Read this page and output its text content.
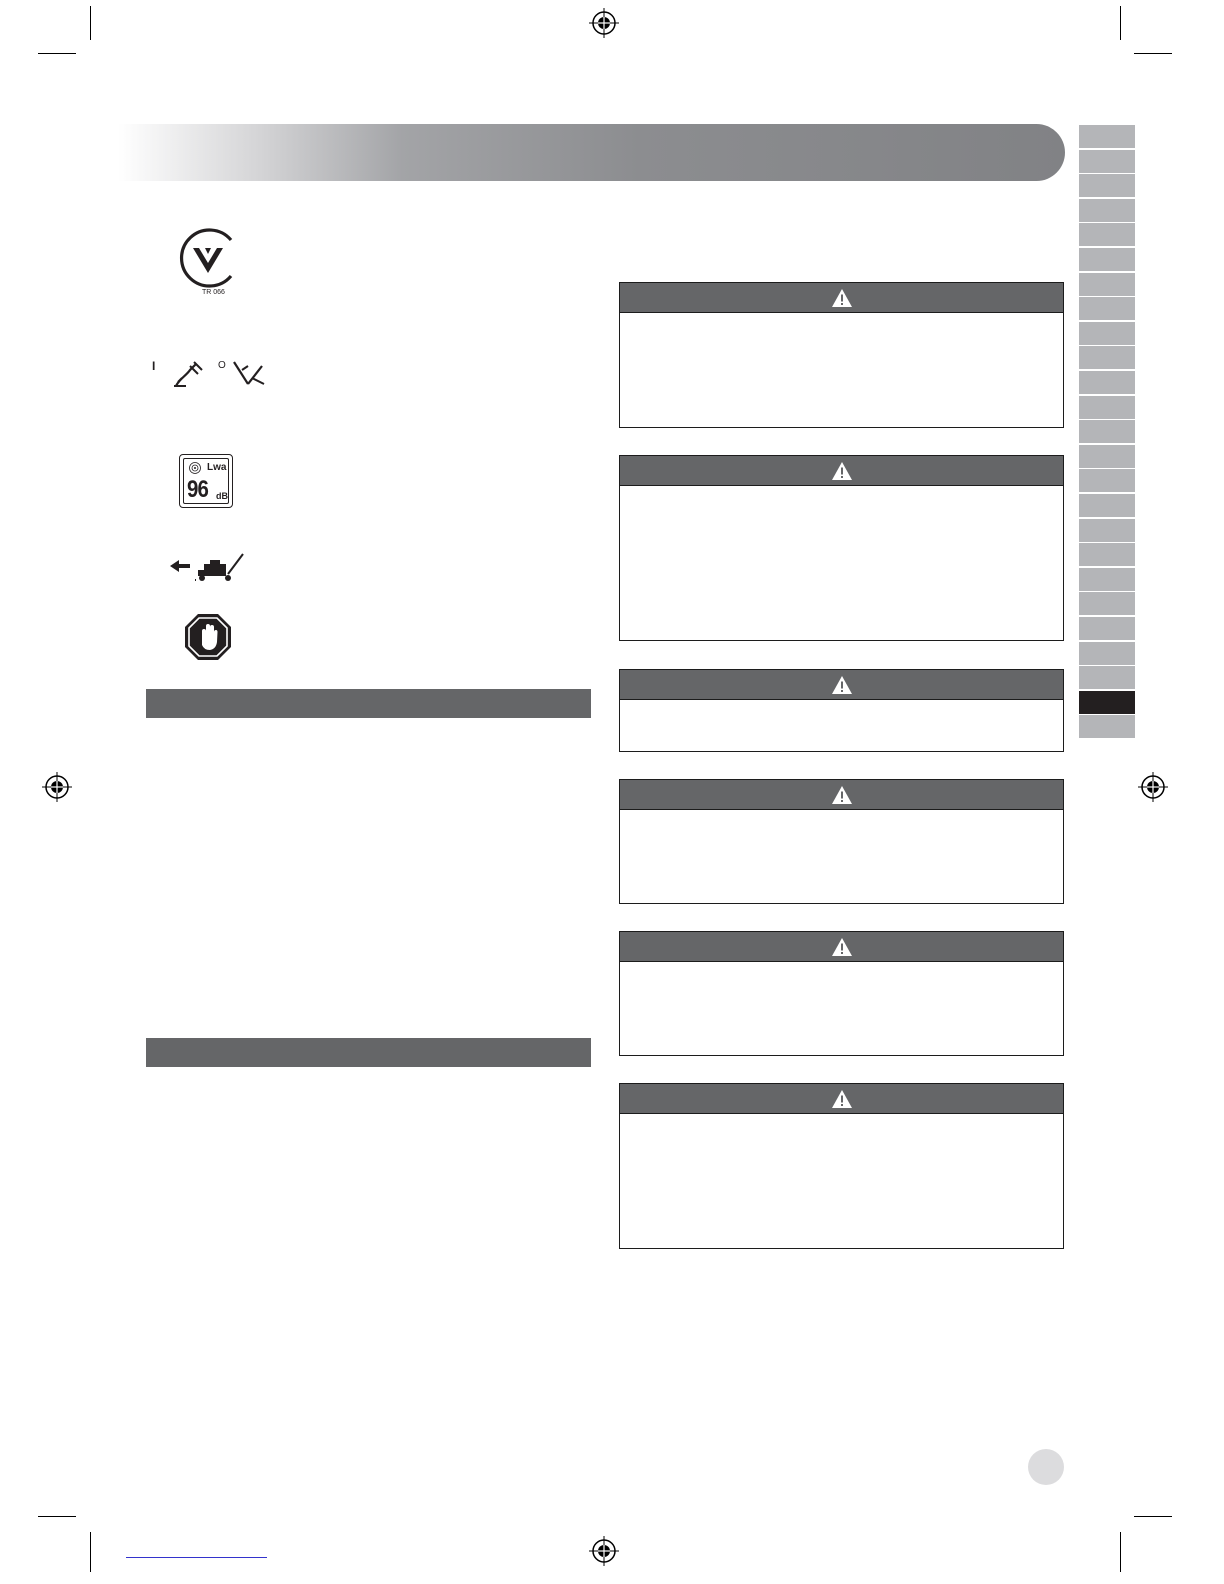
TR 066
I	O
Lwa
96 dB
